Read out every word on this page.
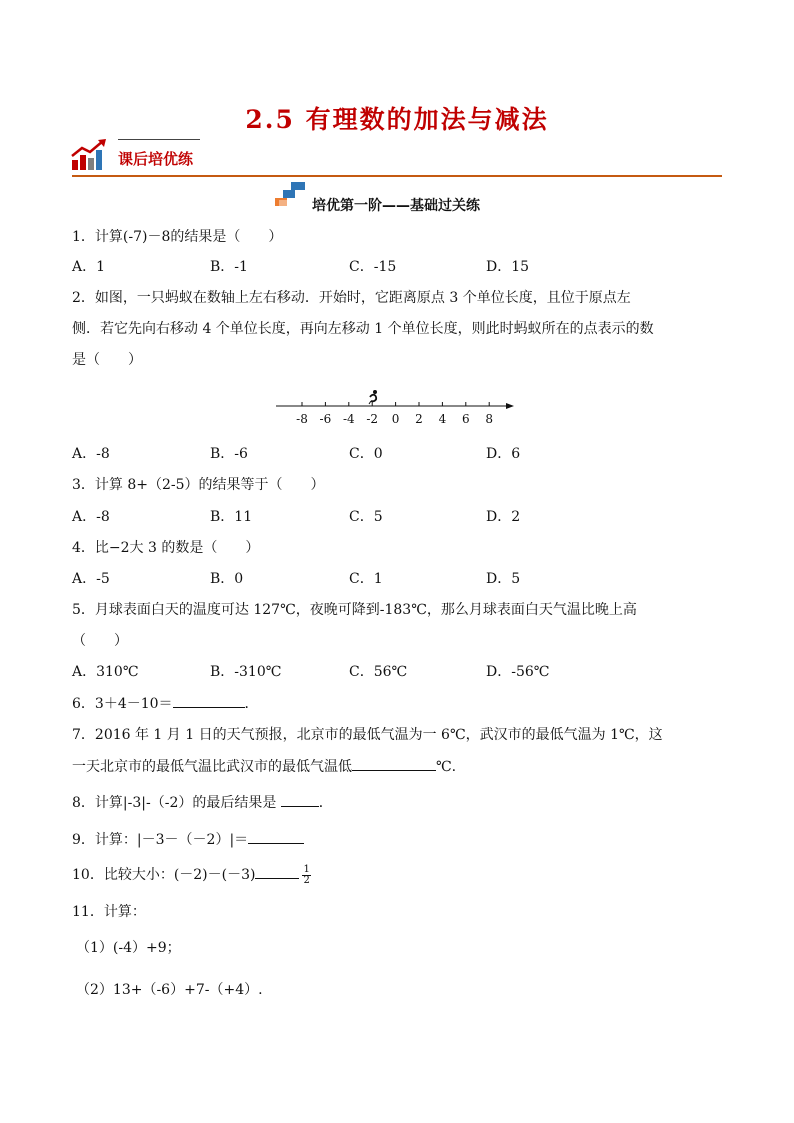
2.5 有理数的加法与减法
课后培优练
培优第一阶——基础过关练
1．计算(-7)－8的结果是（　　）
A．1	B．-1	C．-15	D．15
2．如图，一只蚂蚁在数轴上左右移动．开始时，它距离原点 3 个单位长度，且位于原点左
侧．若它先向右移动 4 个单位长度，再向左移动 1 个单位长度，则此时蚂蚁所在的点表示的数
是（　　）
-8 -6 -4 -2 0 2 4 6 8
A．-8	B．-6	C．0	D．6
3．计算 8+（2-5）的结果等于（　　）
A．-8	B．11	C．5	D．2
4．比−2大 3 的数是（　　）
A．-5	B．0	C．1	D．5
5．月球表面白天的温度可达 127℃，夜晚可降到-183℃，那么月球表面白天气温比晚上高
（　　）
A．310℃	B．-310℃	C．56℃	D．-56℃
6．3＋4－10＝	．
7．2016 年 1 月 1 日的天气预报，北京市的最低气温为一 6℃，武汉市的最低气温为 1℃，这
一天北京市的最低气温比武汉市的最低气温低	℃.
8．计算|-3|-（-2）的最后结果是	．
9．计算：|－3－（－2）|＝
10．比较大小：(－2)－(－3)	$\frac{1}{2}$
11．计算：
（1）(-4）+9；
（2）13+（-6）+7-（+4）.
